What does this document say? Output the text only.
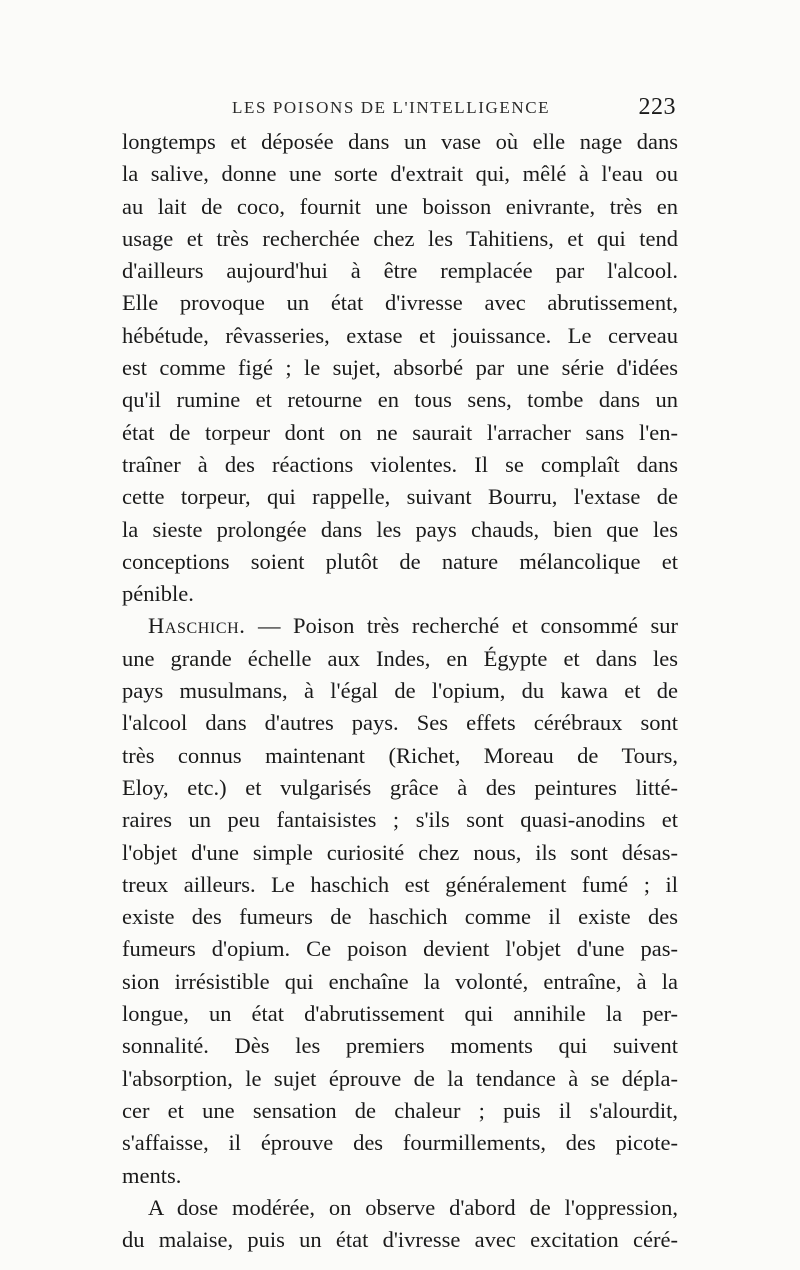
LES POISONS DE L'INTELLIGENCE	223
longtemps et déposée dans un vase où elle nage dans
la salive, donne une sorte d'extrait qui, mêlé à l'eau ou
au lait de coco, fournit une boisson enivrante, très en
usage et très recherchée chez les Tahitiens, et qui tend
d'ailleurs aujourd'hui à être remplacée par l'alcool.
Elle provoque un état d'ivresse avec abrutissement,
hébétude, rêvasseries, extase et jouissance. Le cerveau
est comme figé ; le sujet, absorbé par une série d'idées
qu'il rumine et retourne en tous sens, tombe dans un
état de torpeur dont on ne saurait l'arracher sans l'en-
traîner à des réactions violentes. Il se complaît dans
cette torpeur, qui rappelle, suivant Bourru, l'extase de
la sieste prolongée dans les pays chauds, bien que les
conceptions soient plutôt de nature mélancolique et
pénible.
Haschich. — Poison très recherché et consommé sur
une grande échelle aux Indes, en Égypte et dans les
pays musulmans, à l'égal de l'opium, du kawa et de
l'alcool dans d'autres pays. Ses effets cérébraux sont
très connus maintenant (Richet, Moreau de Tours,
Eloy, etc.) et vulgarisés grâce à des peintures litté-
raires un peu fantaisistes ; s'ils sont quasi-anodins et
l'objet d'une simple curiosité chez nous, ils sont désas-
treux ailleurs. Le haschich est généralement fumé ; il
existe des fumeurs de haschich comme il existe des
fumeurs d'opium. Ce poison devient l'objet d'une pas-
sion irrésistible qui enchaîne la volonté, entraîne, à la
longue, un état d'abrutissement qui annihile la per-
sonnalité. Dès les premiers moments qui suivent
l'absorption, le sujet éprouve de la tendance à se dépla-
cer et une sensation de chaleur ; puis il s'alourdit,
s'affaisse, il éprouve des fourmillements, des picote-
ments.
A dose modérée, on observe d'abord de l'oppression,
du malaise, puis un état d'ivresse avec excitation céré-
